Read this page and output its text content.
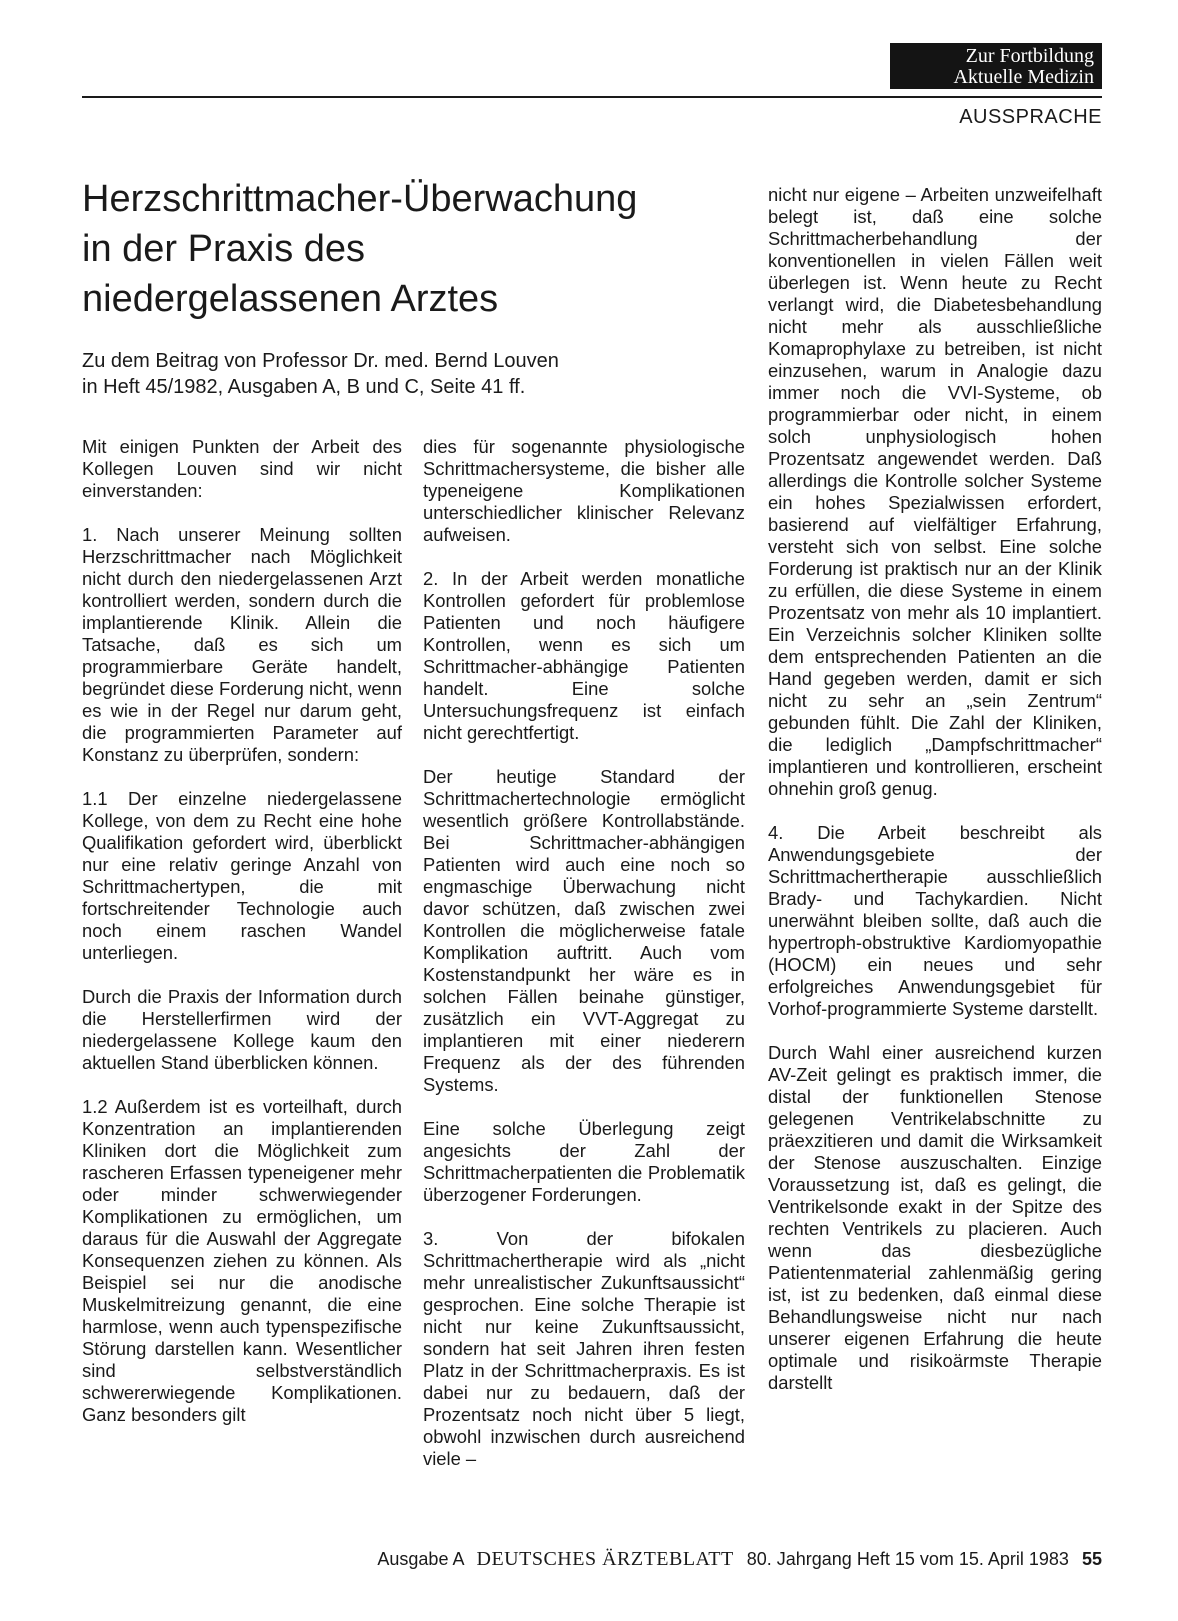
Zur Fortbildung
Aktuelle Medizin
AUSSPRACHE
Herzschrittmacher-Überwachung
in der Praxis des
niedergelassenen Arztes
Zu dem Beitrag von Professor Dr. med. Bernd Louven
in Heft 45/1982, Ausgaben A, B und C, Seite 41 ff.

Mit einigen Punkten der Arbeit des Kollegen Louven sind wir nicht einverstanden:

1. Nach unserer Meinung sollten Herzschrittmacher nach Möglichkeit nicht durch den niedergelassenen Arzt kontrolliert werden, sondern durch die implantierende Klinik. Allein die Tatsache, daß es sich um programmierbare Geräte handelt, begründet diese Forderung nicht, wenn es wie in der Regel nur darum geht, die programmierten Parameter auf Konstanz zu überprüfen, sondern:

1.1 Der einzelne niedergelassene Kollege, von dem zu Recht eine hohe Qualifikation gefordert wird, überblickt nur eine relativ geringe Anzahl von Schrittmachertypen, die mit fortschreitender Technologie auch noch einem raschen Wandel unterliegen.

Durch die Praxis der Information durch die Herstellerfirmen wird der niedergelassene Kollege kaum den aktuellen Stand überblicken können.

1.2 Außerdem ist es vorteilhaft, durch Konzentration an implantierenden Kliniken dort die Möglichkeit zum rascheren Erfassen typeneigener mehr oder minder schwerwiegender Komplikationen zu ermöglichen, um daraus für die Auswahl der Aggregate Konsequenzen ziehen zu können. Als Beispiel sei nur die anodische Muskelmitreizung genannt, die eine harmlose, wenn auch typenspezifische Störung darstellen kann. Wesentlicher sind selbstverständlich schwererwiegende Komplikationen. Ganz besonders gilt

dies für sogenannte physiologische Schrittmachersysteme, die bisher alle typeneigene Komplikationen unterschiedlicher klinischer Relevanz aufweisen.

2. In der Arbeit werden monatliche Kontrollen gefordert für problemlose Patienten und noch häufigere Kontrollen, wenn es sich um Schrittmacher-abhängige Patienten handelt. Eine solche Untersuchungsfrequenz ist einfach nicht gerechtfertigt.

Der heutige Standard der Schrittmachertechnologie ermöglicht wesentlich größere Kontrollabstände. Bei Schrittmacher-abhängigen Patienten wird auch eine noch so engmaschige Überwachung nicht davor schützen, daß zwischen zwei Kontrollen die möglicherweise fatale Komplikation auftritt. Auch vom Kostenstandpunkt her wäre es in solchen Fällen beinahe günstiger, zusätzlich ein VVT-Aggregat zu implantieren mit einer niederern Frequenz als der des führenden Systems.

Eine solche Überlegung zeigt angesichts der Zahl der Schrittmacherpatienten die Problematik überzogener Forderungen.

3. Von der bifokalen Schrittmachertherapie wird als „nicht mehr unrealistischer Zukunftsaussicht“ gesprochen. Eine solche Therapie ist nicht nur keine Zukunftsaussicht, sondern hat seit Jahren ihren festen Platz in der Schrittmacherpraxis. Es ist dabei nur zu bedauern, daß der Prozentsatz noch nicht über 5 liegt, obwohl inzwischen durch ausreichend viele –

nicht nur eigene – Arbeiten unzweifelhaft belegt ist, daß eine solche Schrittmacherbehandlung der konventionellen in vielen Fällen weit überlegen ist. Wenn heute zu Recht verlangt wird, die Diabetesbehandlung nicht mehr als ausschließliche Komaprophylaxe zu betreiben, ist nicht einzusehen, warum in Analogie dazu immer noch die VVI-Systeme, ob programmierbar oder nicht, in einem solch unphysiologisch hohen Prozentsatz angewendet werden. Daß allerdings die Kontrolle solcher Systeme ein hohes Spezialwissen erfordert, basierend auf vielfältiger Erfahrung, versteht sich von selbst. Eine solche Forderung ist praktisch nur an der Klinik zu erfüllen, die diese Systeme in einem Prozentsatz von mehr als 10 implantiert. Ein Verzeichnis solcher Kliniken sollte dem entsprechenden Patienten an die Hand gegeben werden, damit er sich nicht zu sehr an „sein Zentrum“ gebunden fühlt. Die Zahl der Kliniken, die lediglich „Dampfschrittmacher“ implantieren und kontrollieren, erscheint ohnehin groß genug.

4. Die Arbeit beschreibt als Anwendungsgebiete der Schrittmachertherapie ausschließlich Brady- und Tachykardien. Nicht unerwähnt bleiben sollte, daß auch die hypertroph-obstruktive Kardiomyopathie (HOCM) ein neues und sehr erfolgreiches Anwendungsgebiet für Vorhof-programmierte Systeme darstellt.

Durch Wahl einer ausreichend kurzen AV-Zeit gelingt es praktisch immer, die distal der funktionellen Stenose gelegenen Ventrikelabschnitte zu präexzitieren und damit die Wirksamkeit der Stenose auszuschalten. Einzige Voraussetzung ist, daß es gelingt, die Ventrikelsonde exakt in der Spitze des rechten Ventrikels zu placieren. Auch wenn das diesbezügliche Patientenmaterial zahlenmäßig gering ist, ist zu bedenken, daß einmal diese Behandlungsweise nicht nur nach unserer eigenen Erfahrung die heute optimale und risikoärmste Therapie darstellt

Ausgabe A DEUTSCHES ÄRZTEBLATT 80. Jahrgang Heft 15 vom 15. April 1983 55
